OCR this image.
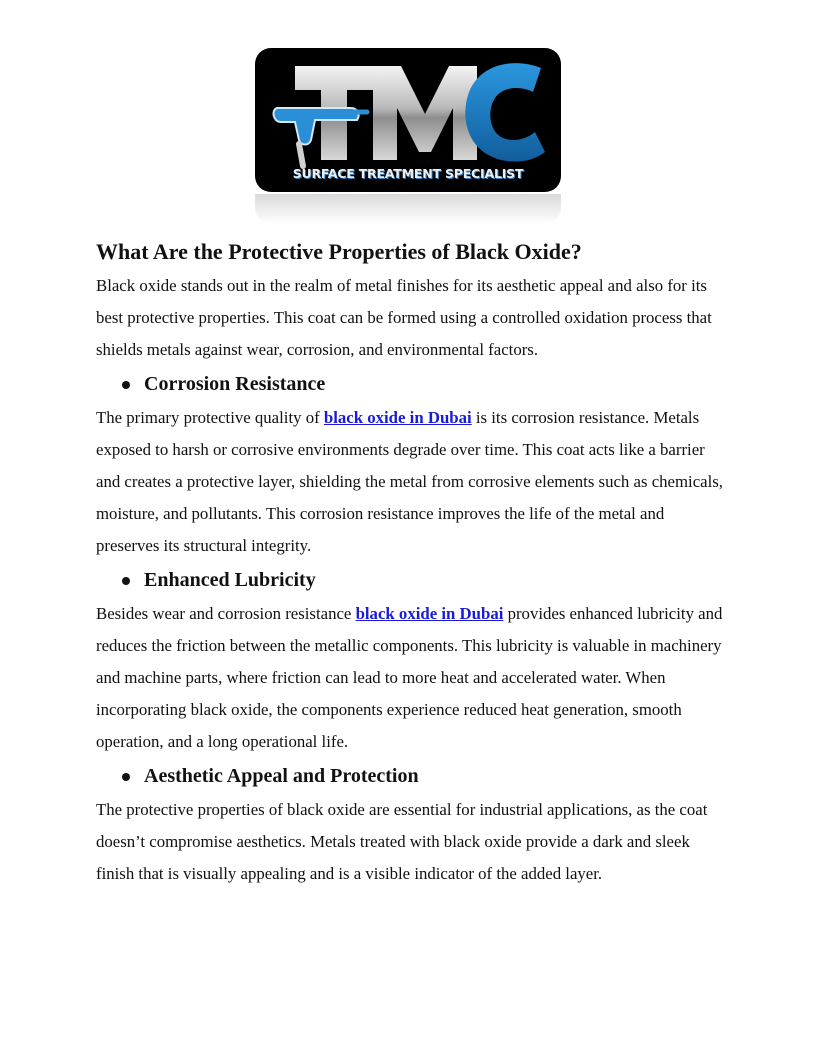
SURFACE TREATMENT SPECIALIST
What Are the Protective Properties of Black Oxide?

Black oxide stands out in the realm of metal finishes for its aesthetic appeal and also for its best protective properties. This coat can be formed using a controlled oxidation process that shields metals against wear, corrosion, and environmental factors.

Corrosion Resistance

The primary protective quality of black oxide in Dubai is its corrosion resistance. Metals exposed to harsh or corrosive environments degrade over time. This coat acts like a barrier and creates a protective layer, shielding the metal from corrosive elements such as chemicals, moisture, and pollutants. This corrosion resistance improves the life of the metal and preserves its structural integrity.

Enhanced Lubricity

Besides wear and corrosion resistance black oxide in Dubai provides enhanced lubricity and reduces the friction between the metallic components. This lubricity is valuable in machinery and machine parts, where friction can lead to more heat and accelerated water. When incorporating black oxide, the components experience reduced heat generation, smooth operation, and a long operational life.

Aesthetic Appeal and Protection

The protective properties of black oxide are essential for industrial applications, as the coat doesn’t compromise aesthetics. Metals treated with black oxide provide a dark and sleek finish that is visually appealing and is a visible indicator of the added layer.
